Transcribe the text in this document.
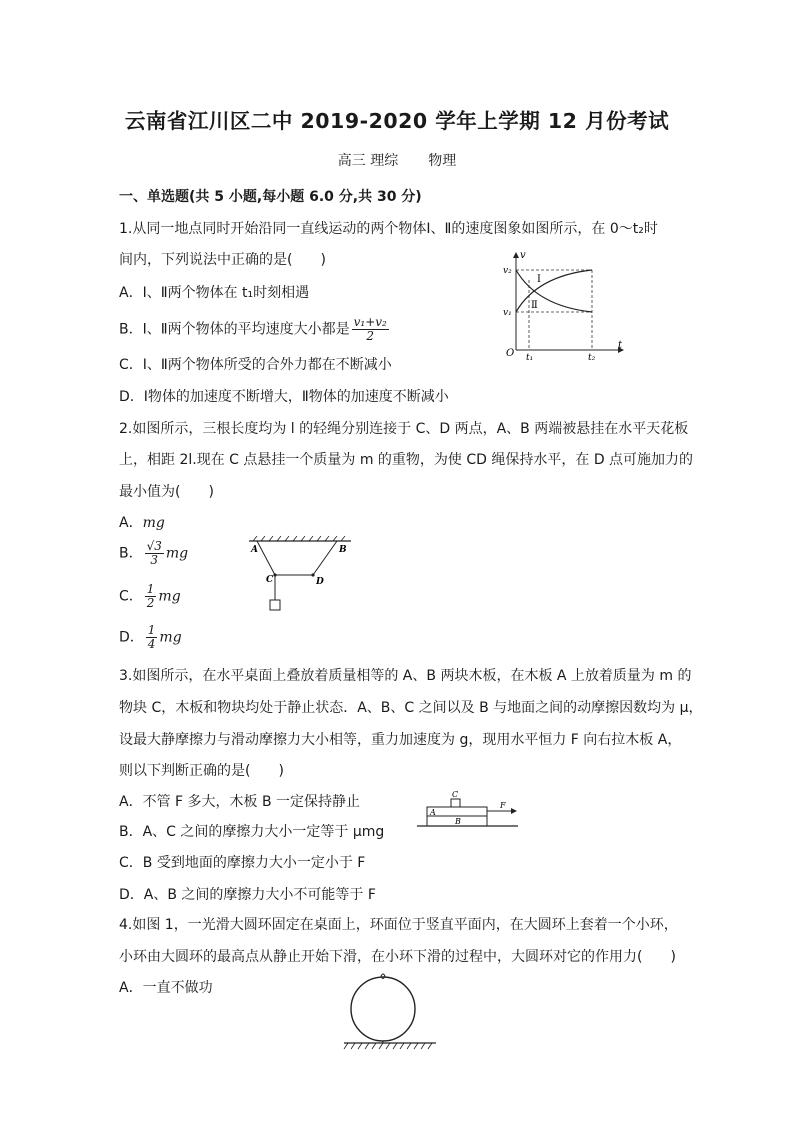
云南省江川区二中 2019-2020 学年上学期 12 月份考试
高三 理综 物理
一、单选题(共 5 小题,每小题 6.0 分,共 30 分)
1.从同一地点同时开始沿同一直线运动的两个物体Ⅰ、Ⅱ的速度图象如图所示，在 0～t₂时
间内，下列说法中正确的是(　　)
A．Ⅰ、Ⅱ两个物体在 t₁时刻相遇
B．Ⅰ、Ⅱ两个物体的平均速度大小都是 $\frac{\text{v₁+v₂}}{2}$
C．Ⅰ、Ⅱ两个物体所受的合外力都在不断减小
D．Ⅰ物体的加速度不断增大，Ⅱ物体的加速度不断减小
v
t
O
v₂
v₁
t₁	t₂
Ⅰ
Ⅱ
2.如图所示，三根长度均为 l 的轻绳分别连接于 C、D 两点，A、B 两端被悬挂在水平天花板
上，相距 2l.现在 C 点悬挂一个质量为 m 的重物，为使 CD 绳保持水平，在 D 点可施加力的
最小值为(　　)
A．mg
B． $\frac{√3}{3}$ mg
C． $\frac{1}{2}$ mg
D． $\frac{1}{4}$ mg
A	B
C	D
3.如图所示，在水平桌面上叠放着质量相等的 A、B 两块木板，在木板 A 上放着质量为 m 的
物块 C，木板和物块均处于静止状态．A、B、C 之间以及 B 与地面之间的动摩擦因数均为 μ，
设最大静摩擦力与滑动摩擦力大小相等，重力加速度为 g，现用水平恒力 F 向右拉木板 A，
则以下判断正确的是(　　)
A．不管 F 多大，木板 B 一定保持静止
B．A、C 之间的摩擦力大小一定等于 μmg
C．B 受到地面的摩擦力大小一定小于 F
D．A、B 之间的摩擦力大小不可能等于 F
A
B
C
F
4.如图 1，一光滑大圆环固定在桌面上，环面位于竖直平面内，在大圆环上套着一个小环，
小环由大圆环的最高点从静止开始下滑，在小环下滑的过程中，大圆环对它的作用力(　　)
A．一直不做功
